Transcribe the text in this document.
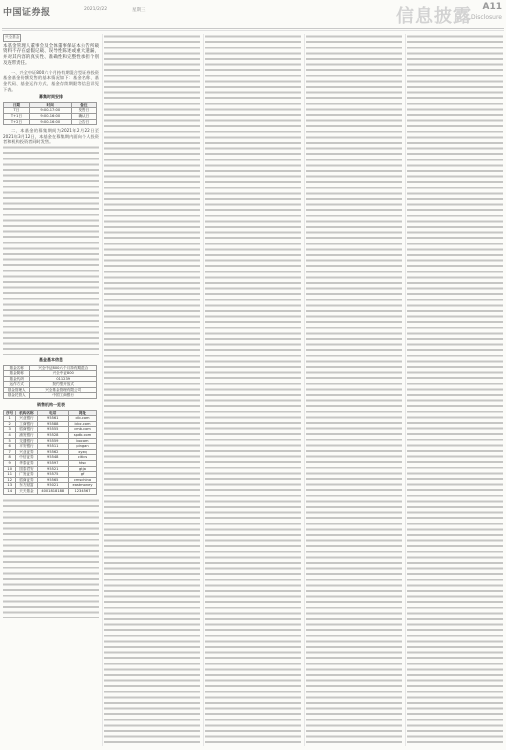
中国证券报	2021/2/22	星期三	信息披露 A11
Disclosure
兴全基金
本基金管理人董事会及全体董事保证本公告所载资料不存在虚假记载、误导性陈述或重大遗漏，并对其内容的真实性、准确性和完整性承担个别及连带责任。

一、兴全中证800六个月持有期混合型证券投资基金基金份额发售的基本情况如下：基金名称、基金代码、基金运作方式、基金存续期限等信息详见下表。

募集时间安排
日期	时间	备注
T日	9:00-17:00	发售日
T+1日	9:00-16:00	确认日
T+2日	9:00-16:00	公告日

二、本基金的募集期间为2021年2月22日至2021年3月12日，本基金在募集期内面向个人投资者和机构投资者同时发售。

基金基本信息
基金名称	兴全中证800六个月持有期混合
基金简称	兴全中证800
基金代码	011239
运作方式	契约型开放式
基金管理人	兴全基金管理有限公司
基金托管人	中国工商银行
销售机构一览表
序号	机构名称	电话	网址
1	兴业银行	95561	cib.com
2	工商银行	95588	icbc.com
3	招商银行	95555	cmb.com
4	浦发银行	95528	spdb.com
5	交通银行	95559	bocom
6	平安银行	95511	pingan
7	兴业证券	95562	xyzq
8	中信证券	95548	citics
9	华泰证券	95597	htsc
10	国泰君安	95521	gtja
11	广发证券	95575	gf
12	招商证券	95565	cmschina
13	东方财富	95021	eastmoney
14	天天基金	4001818188	1234567
